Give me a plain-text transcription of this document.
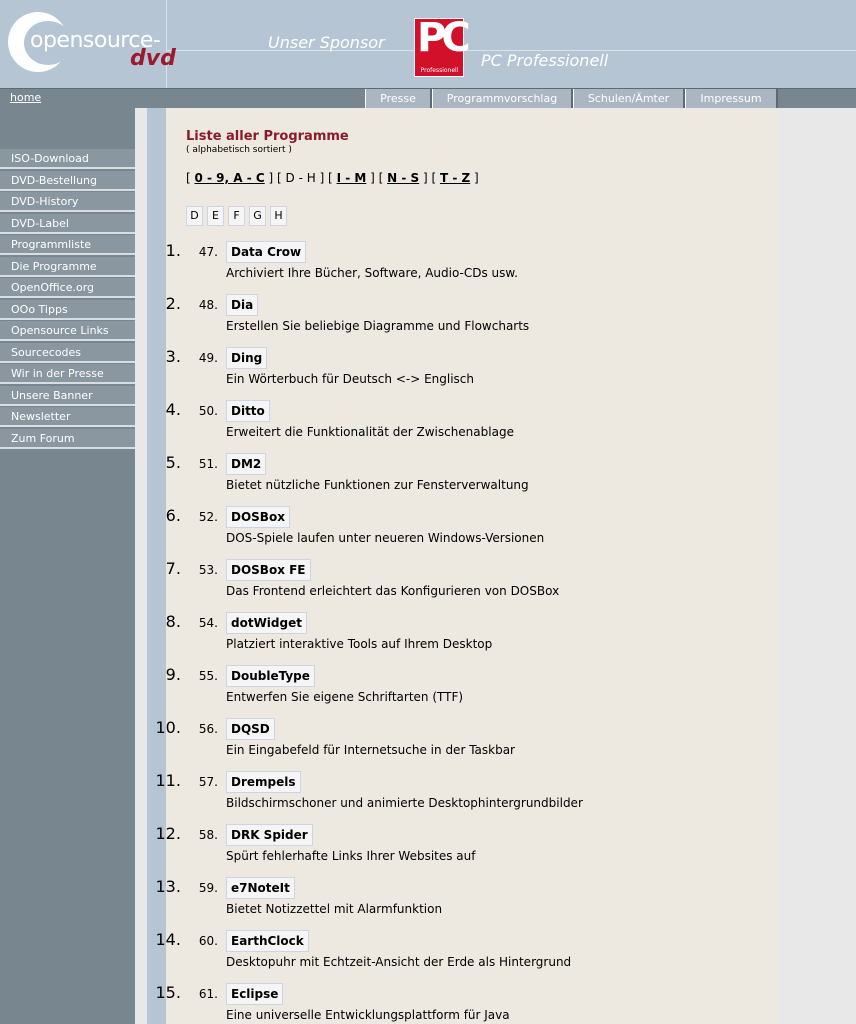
opensource-
dvd
Unser Sponsor PC
Professionell
PC Professionell
home	Presse	Programmvorschlag	Schulen/Ämter	Impressum
ISO-Download
DVD-Bestellung
DVD-History
DVD-Label
Programmliste
Die Programme
OpenOffice.org
OOo Tipps
Opensource Links
Sourcecodes
Wir in der Presse
Unsere Banner
Newsletter
Zum Forum
Liste aller Programme
( alphabetisch sortiert )
[ 0 - 9, A - C ] [ D - H ] [ I - M ] [ N - S ] [ T - Z ]
D E F G H
1. 47.	Data Crow
Archiviert Ihre Bücher, Software, Audio-CDs usw.
2. 48.	Dia
Erstellen Sie beliebige Diagramme und Flowcharts
3. 49.	Ding
Ein Wörterbuch für Deutsch <-> Englisch
4. 50.	Ditto
Erweitert die Funktionalität der Zwischenablage
5. 51.	DM2
Bietet nützliche Funktionen zur Fensterverwaltung
6. 52.	DOSBox
DOS-Spiele laufen unter neueren Windows-Versionen
7. 53.	DOSBox FE
Das Frontend erleichtert das Konfigurieren von DOSBox
8. 54.	dotWidget
Platziert interaktive Tools auf Ihrem Desktop
9. 55.	DoubleType
Entwerfen Sie eigene Schriftarten (TTF)
10. 56.	DQSD
Ein Eingabefeld für Internetsuche in der Taskbar
11. 57.	Drempels
Bildschirmschoner und animierte Desktophintergrundbilder
12. 58.	DRK Spider
Spürt fehlerhafte Links Ihrer Websites auf
13. 59.	e7NoteIt
Bietet Notizzettel mit Alarmfunktion
14. 60.	EarthClock
Desktopuhr mit Echtzeit-Ansicht der Erde als Hintergrund
15. 61.	Eclipse
Eine universelle Entwicklungsplattform für Java
